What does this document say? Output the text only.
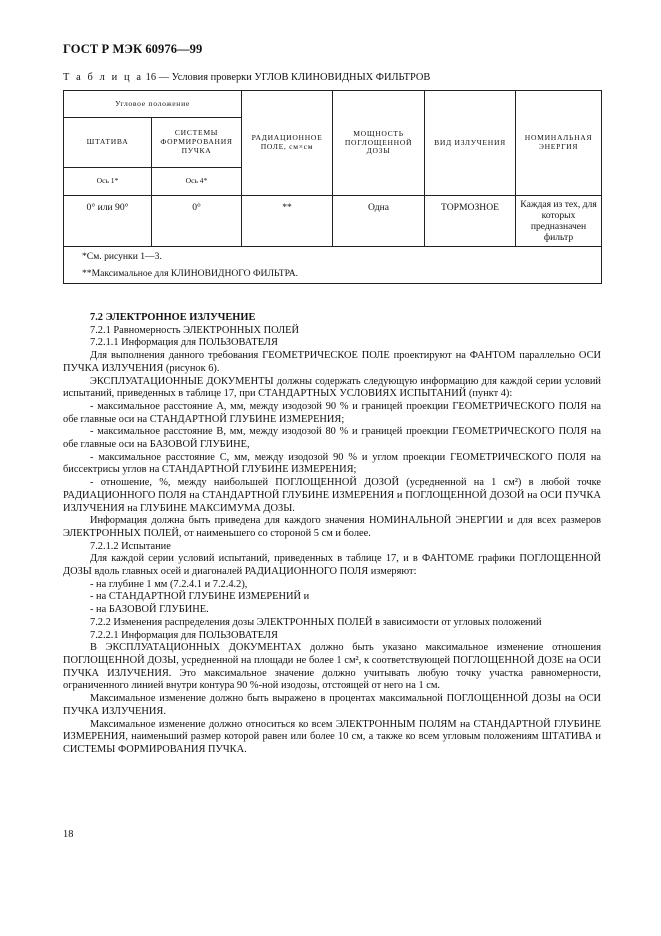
ГОСТ Р МЭК 60976—99
Т а б л и ц а 16 — Условия проверки УГЛОВ КЛИНОВИДНЫХ ФИЛЬТРОВ
Угловое положение		РАДИАЦИОННОЕ ПОЛЕ, см×см	МОЩНОСТЬ ПОГЛОЩЕННОЙ ДОЗЫ	ВИД ИЗЛУЧЕНИЯ	НОМИНАЛЬНАЯ ЭНЕРГИЯ
ШТАТИВА	СИСТЕМЫ ФОРМИРОВАНИЯ ПУЧКА				
Ось 1*	Ось 4*				
0° или 90°	0°	**	Одна	ТОРМОЗНОЕ	Каждая из тех, для которых предназначен фильтр

*См. рисунки 1—3.
**Максимальное для КЛИНОВИДНОГО ФИЛЬТРА.					

7.2 ЭЛЕКТРОННОЕ ИЗЛУЧЕНИЕ

7.2.1 Равномерность ЭЛЕКТРОННЫХ ПОЛЕЙ

7.2.1.1 Информация для ПОЛЬЗОВАТЕЛЯ

Для выполнения данного требования ГЕОМЕТРИЧЕСКОЕ ПОЛЕ проектируют на ФАНТОМ параллельно ОСИ ПУЧКА ИЗЛУЧЕНИЯ (рисунок 6).

ЭКСПЛУАТАЦИОННЫЕ ДОКУМЕНТЫ должны содержать следующую информацию для каждой серии условий испытаний, приведенных в таблице 17, при СТАНДАРТНЫХ УСЛОВИЯХ ИСПЫТАНИЙ (пункт 4):

- максимальное расстояние А, мм, между изодозой 90 % и границей проекции ГЕОМЕТРИЧЕСКОГО ПОЛЯ на обе главные оси на СТАНДАРТНОЙ ГЛУБИНЕ ИЗМЕРЕНИЯ;

- максимальное расстояние В, мм, между изодозой 80 % и границей проекции ГЕОМЕТРИЧЕСКОГО ПОЛЯ на обе главные оси на БАЗОВОЙ ГЛУБИНЕ,

- максимальное расстояние С, мм, между изодозой 90 % и углом проекции ГЕОМЕТРИЧЕСКОГО ПОЛЯ на биссектрисы углов на СТАНДАРТНОЙ ГЛУБИНЕ ИЗМЕРЕНИЯ;

- отношение, %, между наибольшей ПОГЛОЩЕННОЙ ДОЗОЙ (усредненной на 1 см²) в любой точке РАДИАЦИОННОГО ПОЛЯ на СТАНДАРТНОЙ ГЛУБИНЕ ИЗМЕРЕНИЯ и ПОГЛОЩЕННОЙ ДОЗОЙ на ОСИ ПУЧКА ИЗЛУЧЕНИЯ на ГЛУБИНЕ МАКСИМУМА ДОЗЫ.

Информация должна быть приведена для каждого значения НОМИНАЛЬНОЙ ЭНЕРГИИ и для всех размеров ЭЛЕКТРОННЫХ ПОЛЕЙ, от наименьшего со стороной 5 см и более.

7.2.1.2 Испытание

Для каждой серии условий испытаний, приведенных в таблице 17, и в ФАНТОМЕ графики ПОГЛОЩЕННОЙ ДОЗЫ вдоль главных осей и диагоналей РАДИАЦИОННОГО ПОЛЯ измеряют:

- на глубине 1 мм (7.2.4.1 и 7.2.4.2),

- на СТАНДАРТНОЙ ГЛУБИНЕ ИЗМЕРЕНИЙ и

- на БАЗОВОЙ ГЛУБИНЕ.

7.2.2 Изменения распределения дозы ЭЛЕКТРОННЫХ ПОЛЕЙ в зависимости от угловых положений

7.2.2.1 Информация для ПОЛЬЗОВАТЕЛЯ

В ЭКСПЛУАТАЦИОННЫХ ДОКУМЕНТАХ должно быть указано максимальное изменение отношения ПОГЛОЩЕННОЙ ДОЗЫ, усредненной на площади не более 1 см², к соответствующей ПОГЛОЩЕННОЙ ДОЗЕ на ОСИ ПУЧКА ИЗЛУЧЕНИЯ. Это максимальное значение должно учитывать любую точку участка равномерности, ограниченного линией внутри контура 90 %-ной изодозы, отстоящей от него на 1 см.

Максимальное изменение должно быть выражено в процентах максимальной ПОГЛОЩЕННОЙ ДОЗЫ на ОСИ ПУЧКА ИЗЛУЧЕНИЯ.

Максимальное изменение должно относиться ко всем ЭЛЕКТРОННЫМ ПОЛЯМ на СТАНДАРТНОЙ ГЛУБИНЕ ИЗМЕРЕНИЯ, наименьший размер которой равен или более 10 см, а также ко всем угловым положениям ШТАТИВА и СИСТЕМЫ ФОРМИРОВАНИЯ ПУЧКА.

18
